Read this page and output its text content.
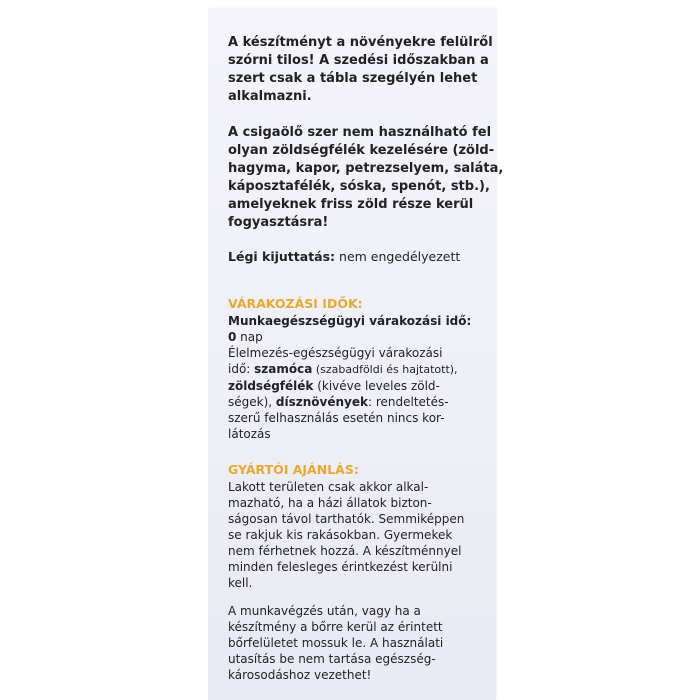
A készítményt a növényekre felülről
szórni tilos! A szedési időszakban a
szert csak a tábla szegélyén lehet
alkalmazni.
A csigaölő szer nem használható fel
olyan zöldségfélék kezelésére (zöld-
hagyma, kapor, petrezselyem, saláta,
káposztafélék, sóska, spenót, stb.),
amelyeknek friss zöld része kerül
fogyasztásra!
Légi kijuttatás: nem engedélyezett
VÁRAKOZÁSI IDŐK:
Munkaegészségügyi várakozási idő:
0 nap
Élelmezés-egészségügyi várakozási
idő: szamóca (szabadföldi és hajtatott),
zöldségfélék (kivéve leveles zöld-
ségek), dísznövények: rendeltetés-
szerű felhasználás esetén nincs kor-
látozás
GYÁRTÓI AJÁNLÁS:
Lakott területen csak akkor alkal-
mazható, ha a házi állatok bizton-
ságosan távol tarthatók. Semmiképpen
se rakjuk kis rakásokban. Gyermekek
nem férhetnek hozzá. A készítménnyel
minden felesleges érintkezést kerülni
kell.
A munkavégzés után, vagy ha a
készítmény a bőrre kerül az érintett
bőrfelületet mossuk le. A használati
utasítás be nem tartása egészség-
károsodáshoz vezethet!
